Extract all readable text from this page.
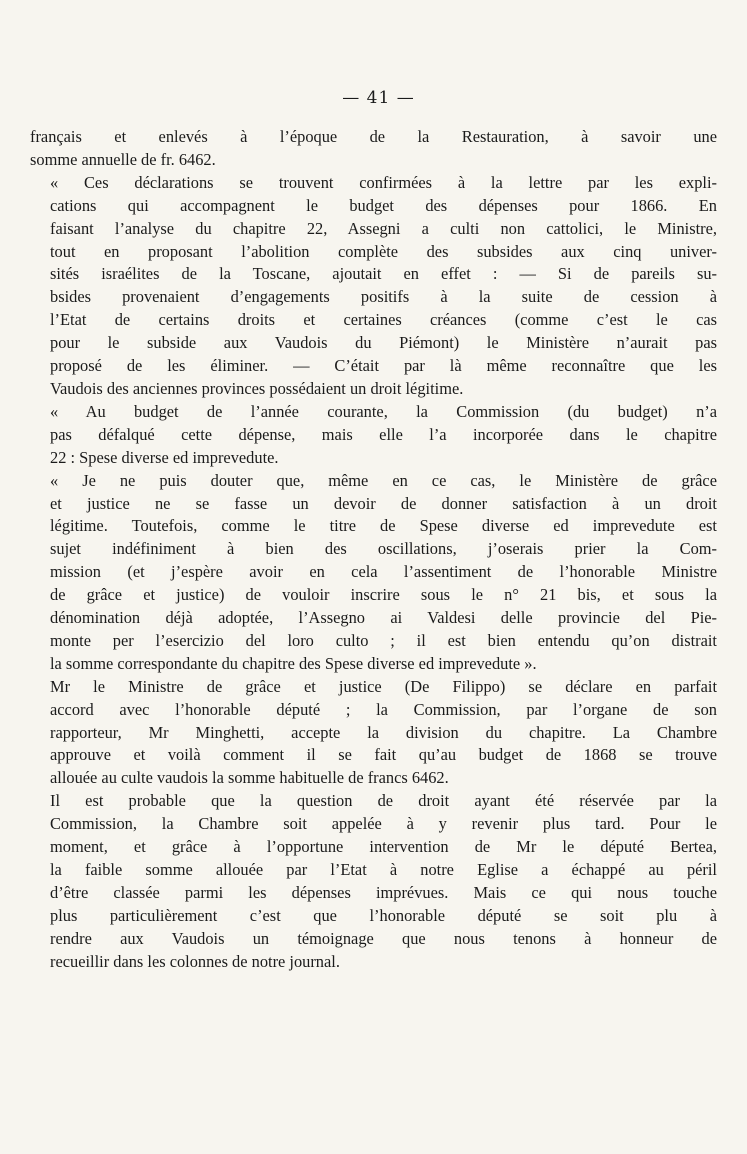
— 41 —

français et enlevés à l’époque de la Restauration, à savoir une
somme annuelle de fr. 6462.

« Ces déclarations se trouvent confirmées à la lettre par les expli-
cations qui accompagnent le budget des dépenses pour 1866. En
faisant l’analyse du chapitre 22, Assegni a culti non cattolici, le Ministre,
tout en proposant l’abolition complète des subsides aux cinq univer-
sités israélites de la Toscane, ajoutait en effet : — Si de pareils su-
bsides provenaient d’engagements positifs à la suite de cession à
l’Etat de certains droits et certaines créances (comme c’est le cas
pour le subside aux Vaudois du Piémont) le Ministère n’aurait pas
proposé de les éliminer. — C’était par là même reconnaître que les
Vaudois des anciennes provinces possédaient un droit légitime.

« Au budget de l’année courante, la Commission (du budget) n’a
pas défalqué cette dépense, mais elle l’a incorporée dans le chapitre
22 : Spese diverse ed imprevedute.

« Je ne puis douter que, même en ce cas, le Ministère de grâce
et justice ne se fasse un devoir de donner satisfaction à un droit
légitime. Toutefois, comme le titre de Spese diverse ed imprevedute est
sujet indéfiniment à bien des oscillations, j’oserais prier la Com-
mission (et j’espère avoir en cela l’assentiment de l’honorable Ministre
de grâce et justice) de vouloir inscrire sous le n° 21 bis, et sous la
dénomination déjà adoptée, l’Assegno ai Valdesi delle provincie del Pie-
monte per l’esercizio del loro culto ; il est bien entendu qu’on distrait
la somme correspondante du chapitre des Spese diverse ed imprevedute ».

Mr le Ministre de grâce et justice (De Filippo) se déclare en parfait
accord avec l’honorable député ; la Commission, par l’organe de son
rapporteur, Mr Minghetti, accepte la division du chapitre. La Chambre
approuve et voilà comment il se fait qu’au budget de 1868 se trouve
allouée au culte vaudois la somme habituelle de francs 6462.

Il est probable que la question de droit ayant été réservée par la
Commission, la Chambre soit appelée à y revenir plus tard. Pour le
moment, et grâce à l’opportune intervention de Mr le député Bertea,
la faible somme allouée par l’Etat à notre Eglise a échappé au péril
d’être classée parmi les dépenses imprévues. Mais ce qui nous touche
plus particulièrement c’est que l’honorable député se soit plu à
rendre aux Vaudois un témoignage que nous tenons à honneur de
recueillir dans les colonnes de notre journal.
